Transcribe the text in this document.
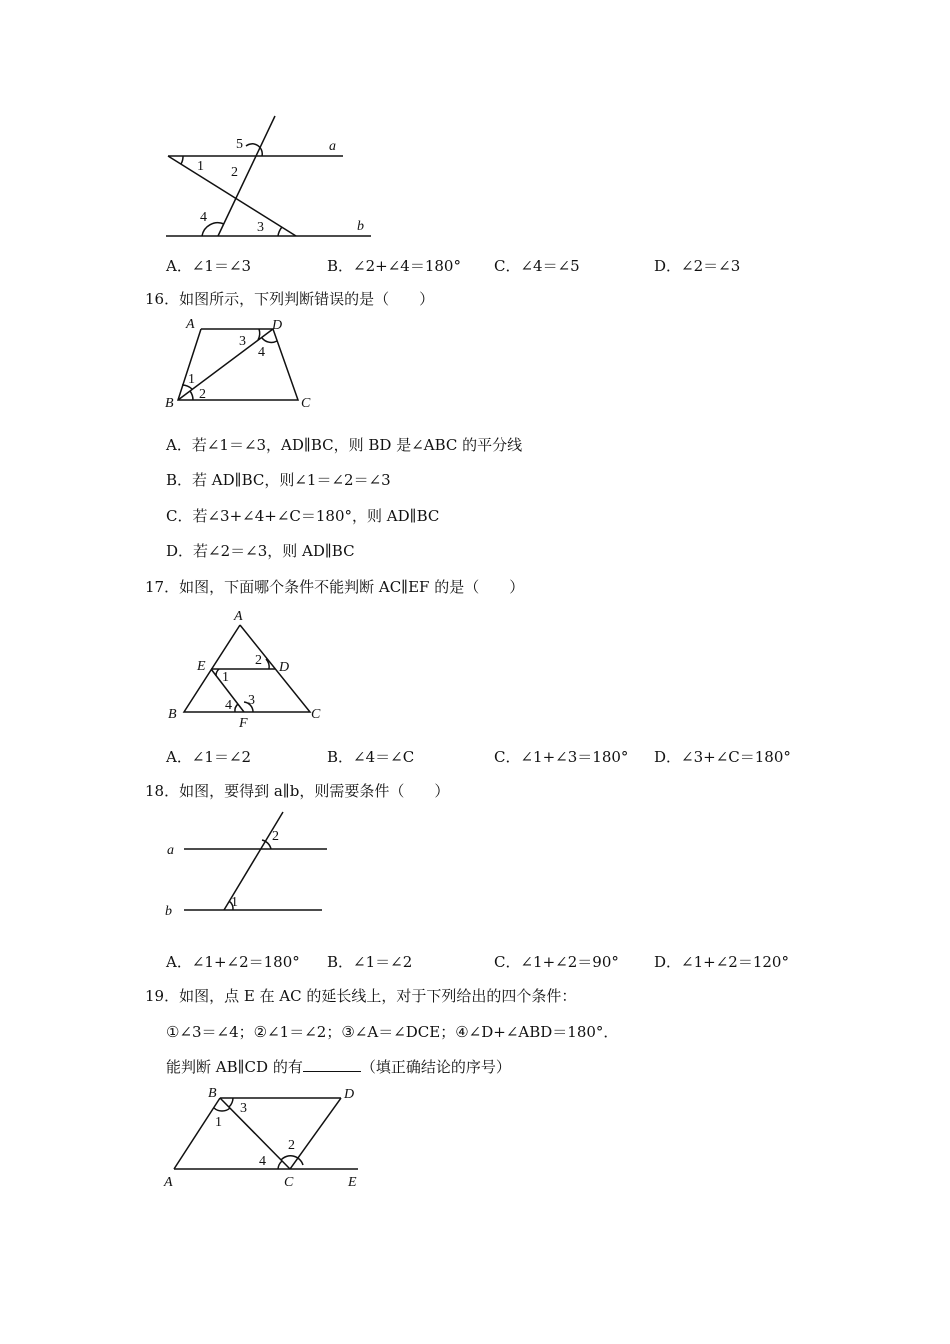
5
1 2
a
4
3	b
A．∠1＝∠3	B．∠2+∠4＝180° C．∠4＝∠5	D．∠2＝∠3
16．如图所示，下列判断错误的是（　　）
A	D
3
4
1
2
B	C
A．若∠1＝∠3，AD∥BC，则 BD 是∠ABC 的平分线
B．若 AD∥BC，则∠1＝∠2＝∠3
C．若∠3+∠4+∠C＝180°，则 AD∥BC
D．若∠2＝∠3，则 AD∥BC
17．如图，下面哪个条件不能判断 AC∥EF 的是（　　）
A
E	2 D
1
4 3
B
F
C
A．∠1＝∠2	B．∠4＝∠C	C．∠1+∠3＝180° D．∠3+∠C＝180°
18．如图，要得到 a∥b，则需要条件（　　）
2
a
1
b
A．∠1+∠2＝180° B．∠1＝∠2	C．∠1+∠2＝90° D．∠1+∠2＝120°
19．如图，点 E 在 AC 的延长线上，对于下列给出的四个条件：
①∠3＝∠4；②∠1＝∠2；③∠A＝∠DCE；④∠D+∠ABD＝180°．
能判断 AB∥CD 的有	（填正确结论的序号）
B	D
3
1
2
4
A	C	E
